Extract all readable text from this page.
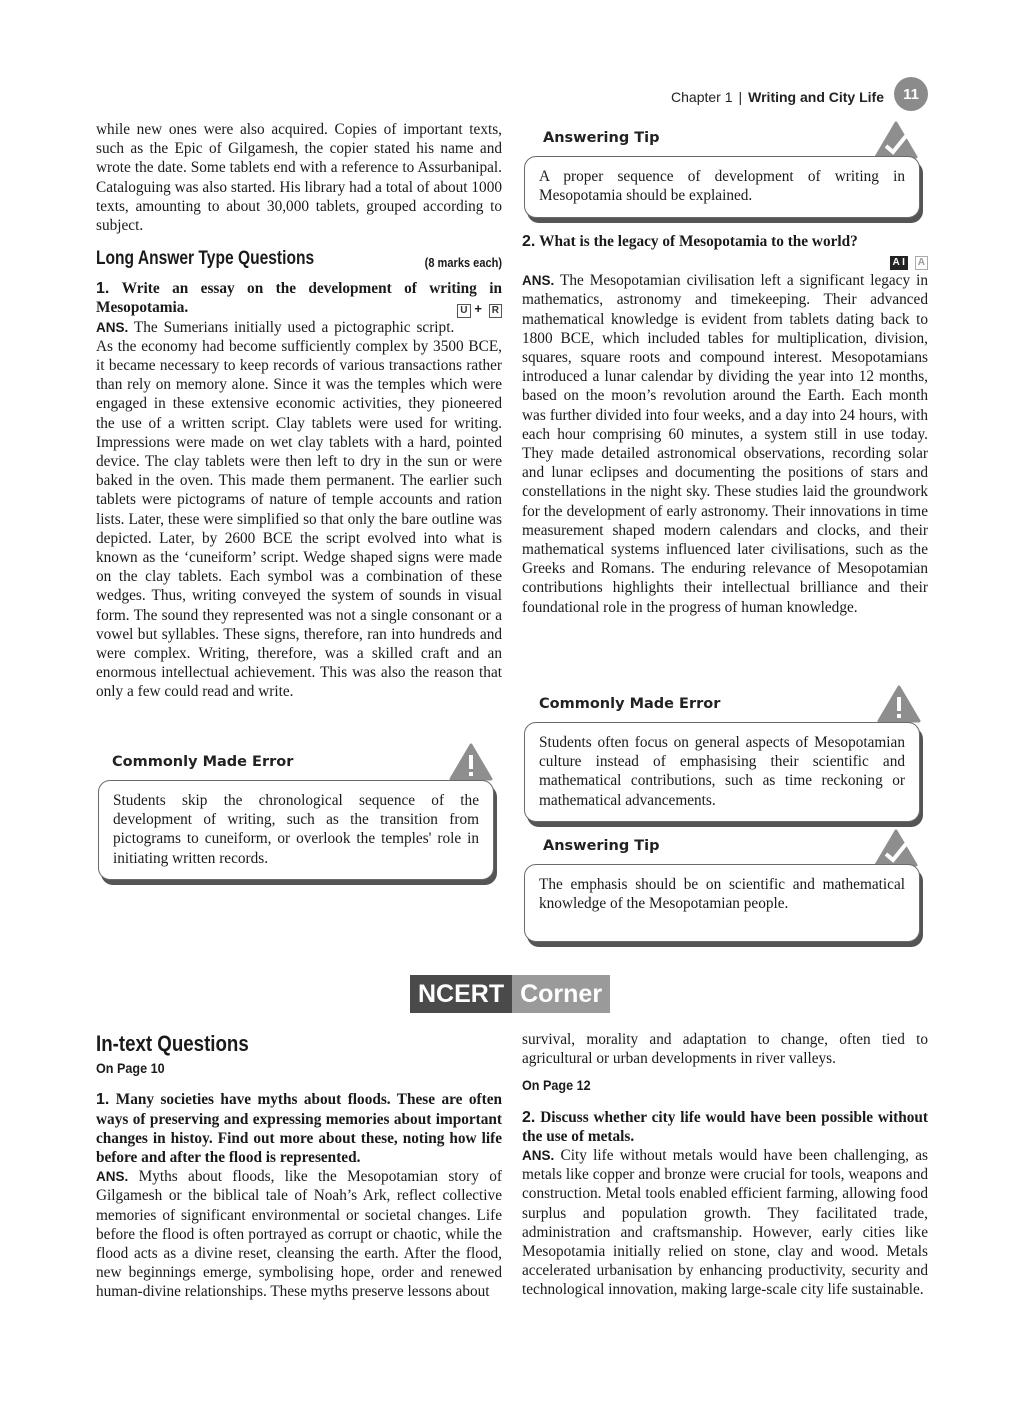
Chapter 1 | Writing and City Life	11

while new ones were also acquired. Copies of important texts, such as the Epic of Gilgamesh, the copier stated his name and wrote the date. Some tablets end with a reference to Assurbanipal. Cataloguing was also started. His library had a total of about 1000 texts, amounting to about 30,000 tablets, grouped according to subject.

Long Answer Type Questions	(8 marks each)

1. Write an essay on the development of writing in Mesopotamia.	U + R

ANS. The Sumerians initially used a pictographic script. As the economy had become sufficiently complex by 3500 BCE, it became necessary to keep records of various transactions rather than rely on memory alone. Since it was the temples which were engaged in these extensive economic activities, they pioneered the use of a written script. Clay tablets were used for writing. Impressions were made on wet clay tablets with a hard, pointed device. The clay tablets were then left to dry in the sun or were baked in the oven. This made them permanent. The earlier such tablets were pictograms of nature of temple accounts and ration lists. Later, these were simplified so that only the bare outline was depicted. Later, by 2600 BCE the script evolved into what is known as the ‘cuneiform’ script. Wedge shaped signs were made on the clay tablets. Each symbol was a combination of these wedges. Thus, writing conveyed the system of sounds in visual form. The sound they represented was not a single consonant or a vowel but syllables. These signs, therefore, ran into hundreds and were complex. Writing, therefore, was a skilled craft and an enormous intellectual achievement. This was also the reason that only a few could read and write.

Commonly Made Error

Students skip the chronological sequence of the development of writing, such as the transition from pictograms to cuneiform, or overlook the temples' role in initiating written records.

Answering Tip

A proper sequence of development of writing in Mesopotamia should be explained.

2. What is the legacy of Mesopotamia to the world?

A I A

ANS. The Mesopotamian civilisation left a significant legacy in mathematics, astronomy and timekeeping. Their advanced mathematical knowledge is evident from tablets dating back to 1800 BCE, which included tables for multiplication, division, squares, square roots and compound interest. Mesopotamians introduced a lunar calendar by dividing the year into 12 months, based on the moon’s revolution around the Earth. Each month was further divided into four weeks, and a day into 24 hours, with each hour comprising 60 minutes, a system still in use today. They made detailed astronomical observations, recording solar and lunar eclipses and documenting the positions of stars and constellations in the night sky. These studies laid the groundwork for the development of early astronomy. Their innovations in time measurement shaped modern calendars and clocks, and their mathematical systems influenced later civilisations, such as the Greeks and Romans. The enduring relevance of Mesopotamian contributions highlights their intellectual brilliance and their foundational role in the progress of human knowledge.

Commonly Made Error

Students often focus on general aspects of Mesopotamian culture instead of emphasising their scientific and mathematical contributions, such as time reckoning or mathematical advancements.

Answering Tip

The emphasis should be on scientific and mathematical knowledge of the Mesopotamian people.

NCERT Corner
In-text Questions
On Page 10

1. Many societies have myths about floods. These are often ways of preserving and expressing memories about important changes in histoy. Find out more about these, noting how life before and after the flood is represented.

ANS. Myths about floods, like the Mesopotamian story of Gilgamesh or the biblical tale of Noah’s Ark, reflect collective memories of significant environmental or societal changes. Life before the flood is often portrayed as corrupt or chaotic, while the flood acts as a divine reset, cleansing the earth. After the flood, new beginnings emerge, symbolising hope, order and renewed human-divine relationships. These myths preserve lessons about

survival, morality and adaptation to change, often tied to agricultural or urban developments in river valleys.

On Page 12

2. Discuss whether city life would have been possible without the use of metals.

ANS. City life without metals would have been challenging, as metals like copper and bronze were crucial for tools, weapons and construction. Metal tools enabled efficient farming, allowing food surplus and population growth. They facilitated trade, administration and craftsmanship. However, early cities like Mesopotamia initially relied on stone, clay and wood. Metals accelerated urbanisation by enhancing productivity, security and technological innovation, making large-scale city life sustainable.
